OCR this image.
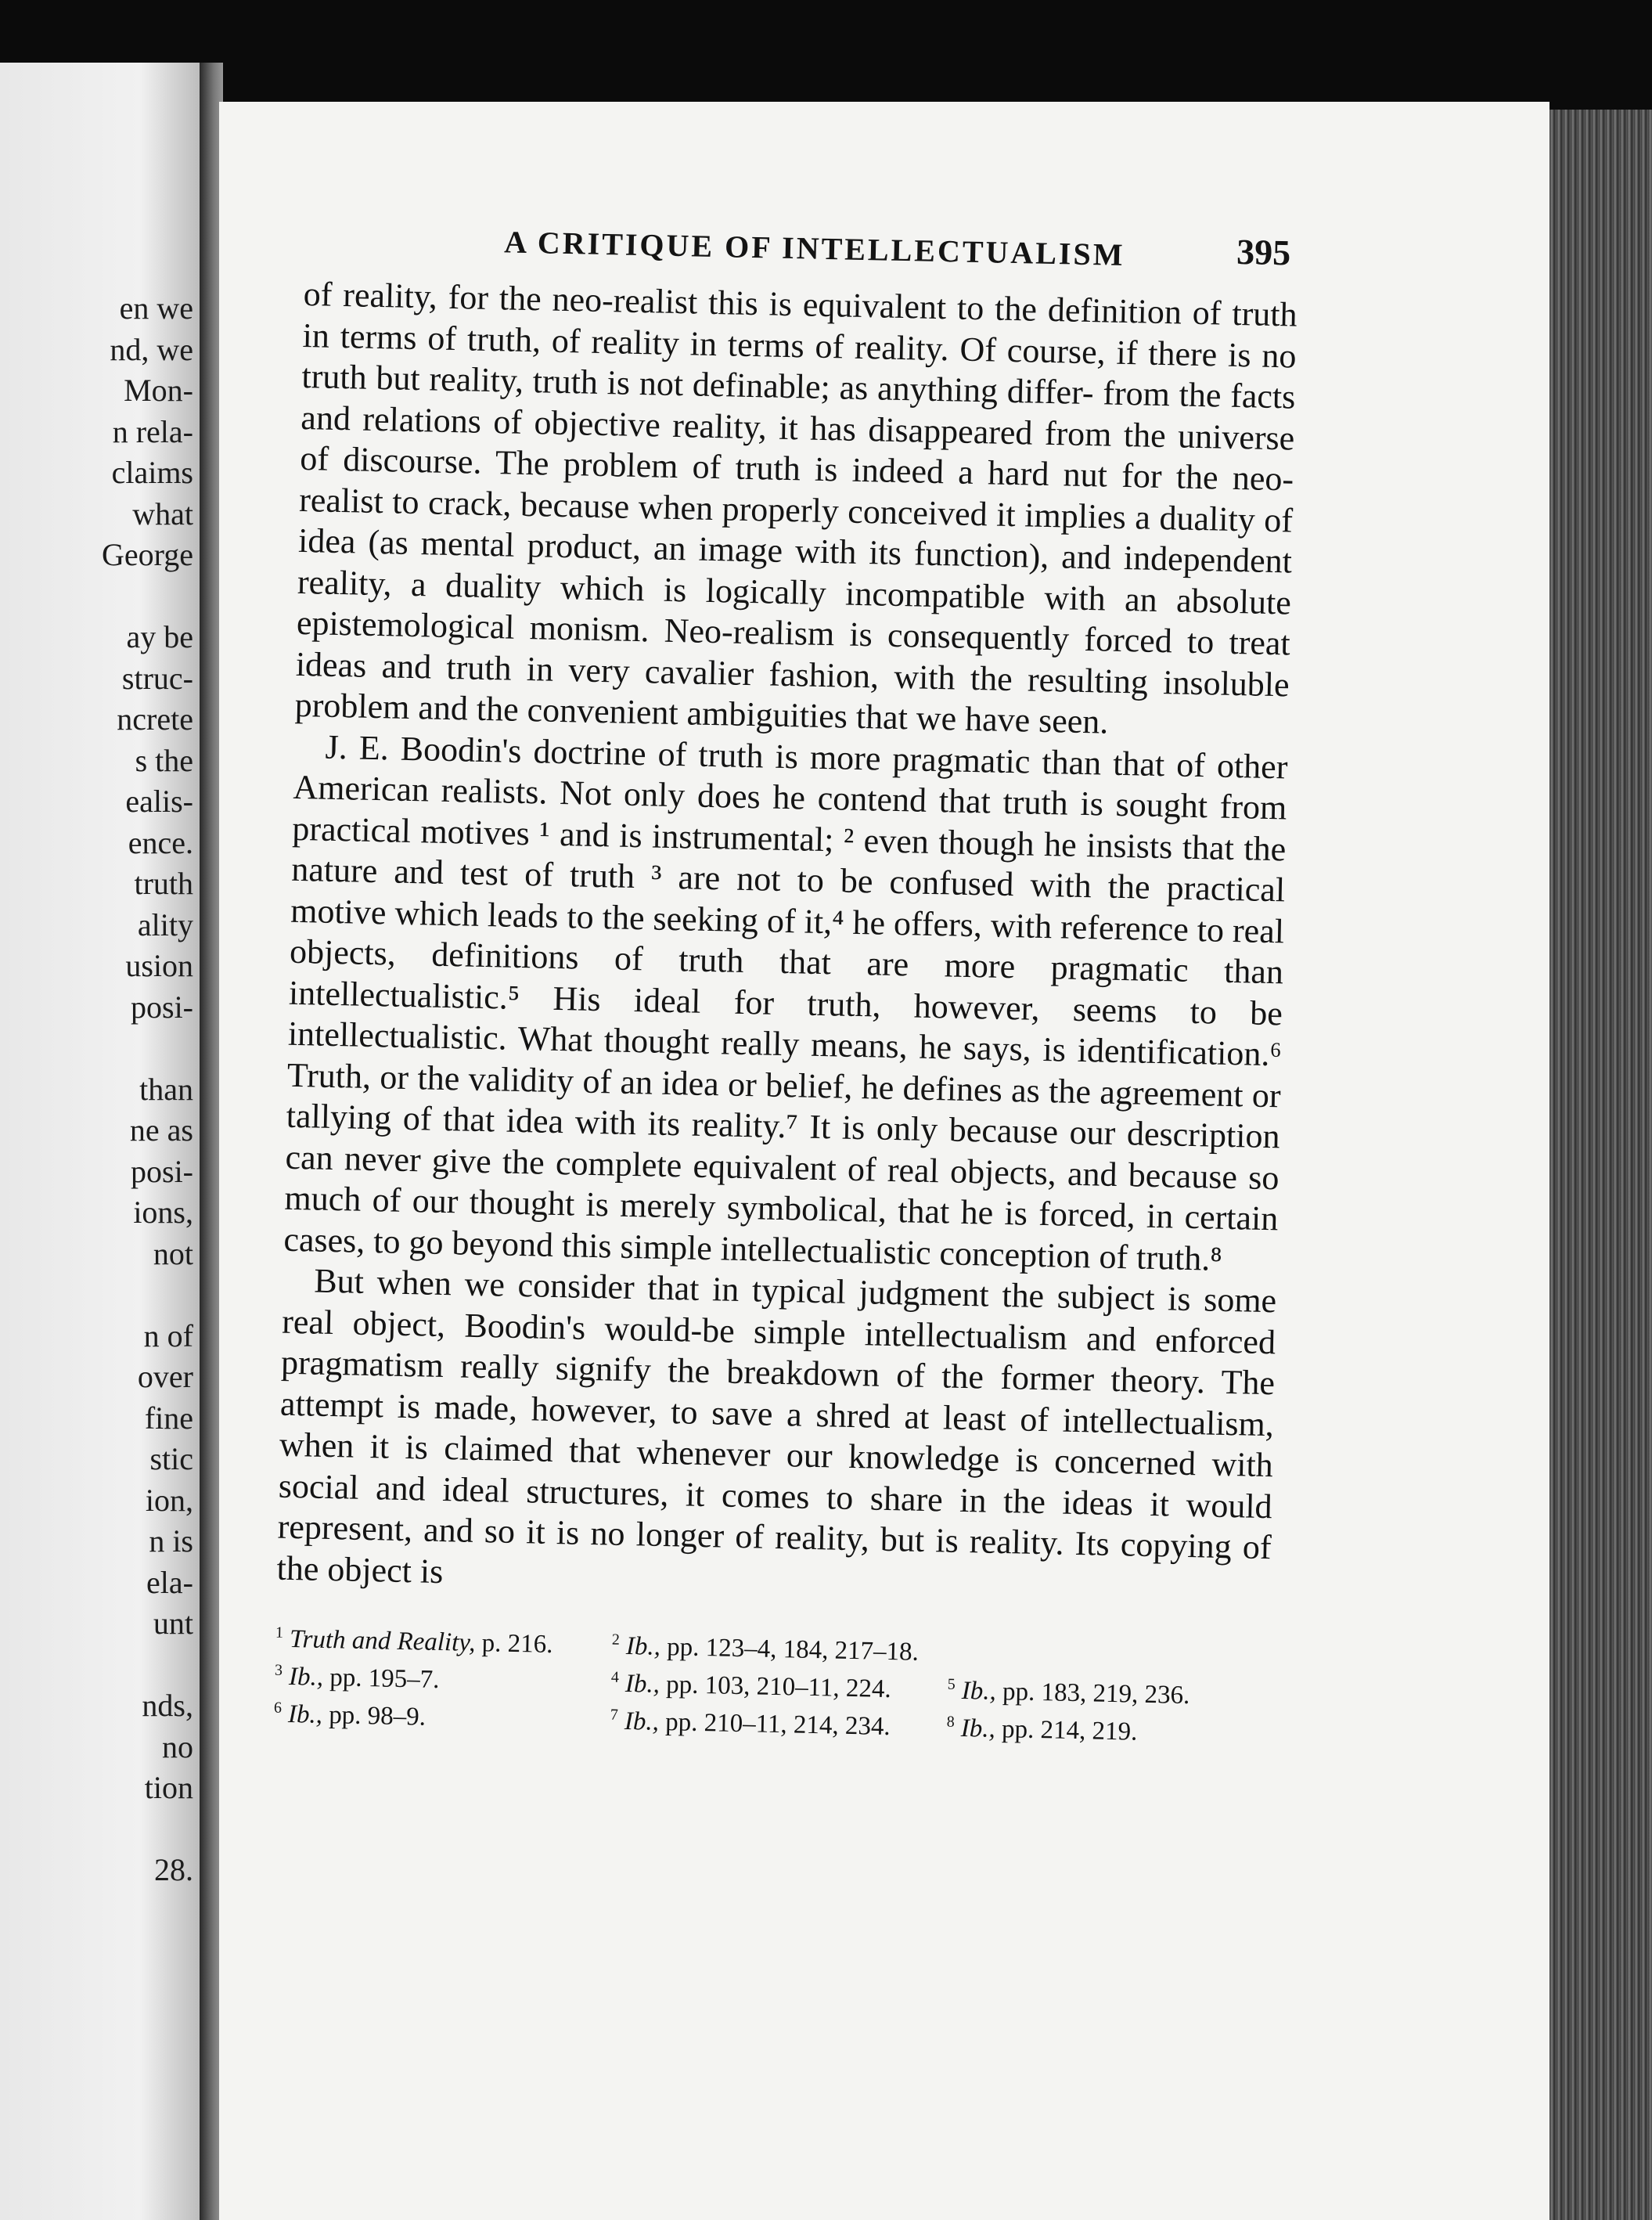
en we
nd, we
Mon-
n rela-
claims
what
George
ay be
struc-
ncrete
s the
ealis-
ence.
truth
ality
usion
posi-
than
ne as
posi-
ions,
not
n of
over
fine
stic
ion,
n is
ela-
unt
nds,
no
tion
28.
A CRITIQUE OF INTELLECTUALISM	395

of reality, for the neo-realist this is equivalent to the definition of truth in terms of truth, of reality in terms of reality. Of course, if there is no truth but reality, truth is not definable; as anything differ- from the facts and relations of objective reality, it has disappeared from the universe of discourse. The problem of truth is indeed a hard nut for the neo-realist to crack, because when properly conceived it implies a duality of idea (as mental product, an image with its function), and independent reality, a duality which is logically incompatible with an absolute epistemological monism. Neo-realism is consequently forced to treat ideas and truth in very cavalier fashion, with the resulting insoluble problem and the convenient ambiguities that we have seen.

J. E. Boodin's doctrine of truth is more pragmatic than that of other American realists. Not only does he contend that truth is sought from practical motives ¹ and is instrumental; ² even though he insists that the nature and test of truth ³ are not to be confused with the practical motive which leads to the seeking of it,⁴ he offers, with reference to real objects, definitions of truth that are more pragmatic than intellectualistic.⁵ His ideal for truth, however, seems to be intellectualistic. What thought really means, he says, is identification.⁶ Truth, or the validity of an idea or belief, he defines as the agreement or tallying of that idea with its reality.⁷ It is only because our description can never give the complete equivalent of real objects, and because so much of our thought is merely symbolical, that he is forced, in certain cases, to go beyond this simple intellectualistic conception of truth.⁸

But when we consider that in typical judgment the subject is some real object, Boodin's would-be simple intellectualism and enforced pragmatism really signify the breakdown of the former theory. The attempt is made, however, to save a shred at least of intellectualism, when it is claimed that whenever our knowledge is concerned with social and ideal structures, it comes to share in the ideas it would represent, and so it is no longer of reality, but is reality. Its copying of the object is

$^1$ Truth and Reality, p. 216.	$^2$ Ib., pp. 123–4, 184, 217–18.
$^3$ Ib., pp. 195–7.	$^4$ Ib., pp. 103, 210–11, 224.	$^5$ Ib., pp. 183, 219, 236.
$^6$ Ib., pp. 98–9.	$^7$ Ib., pp. 210–11, 214, 234.	$^8$ Ib., pp. 214, 219.
